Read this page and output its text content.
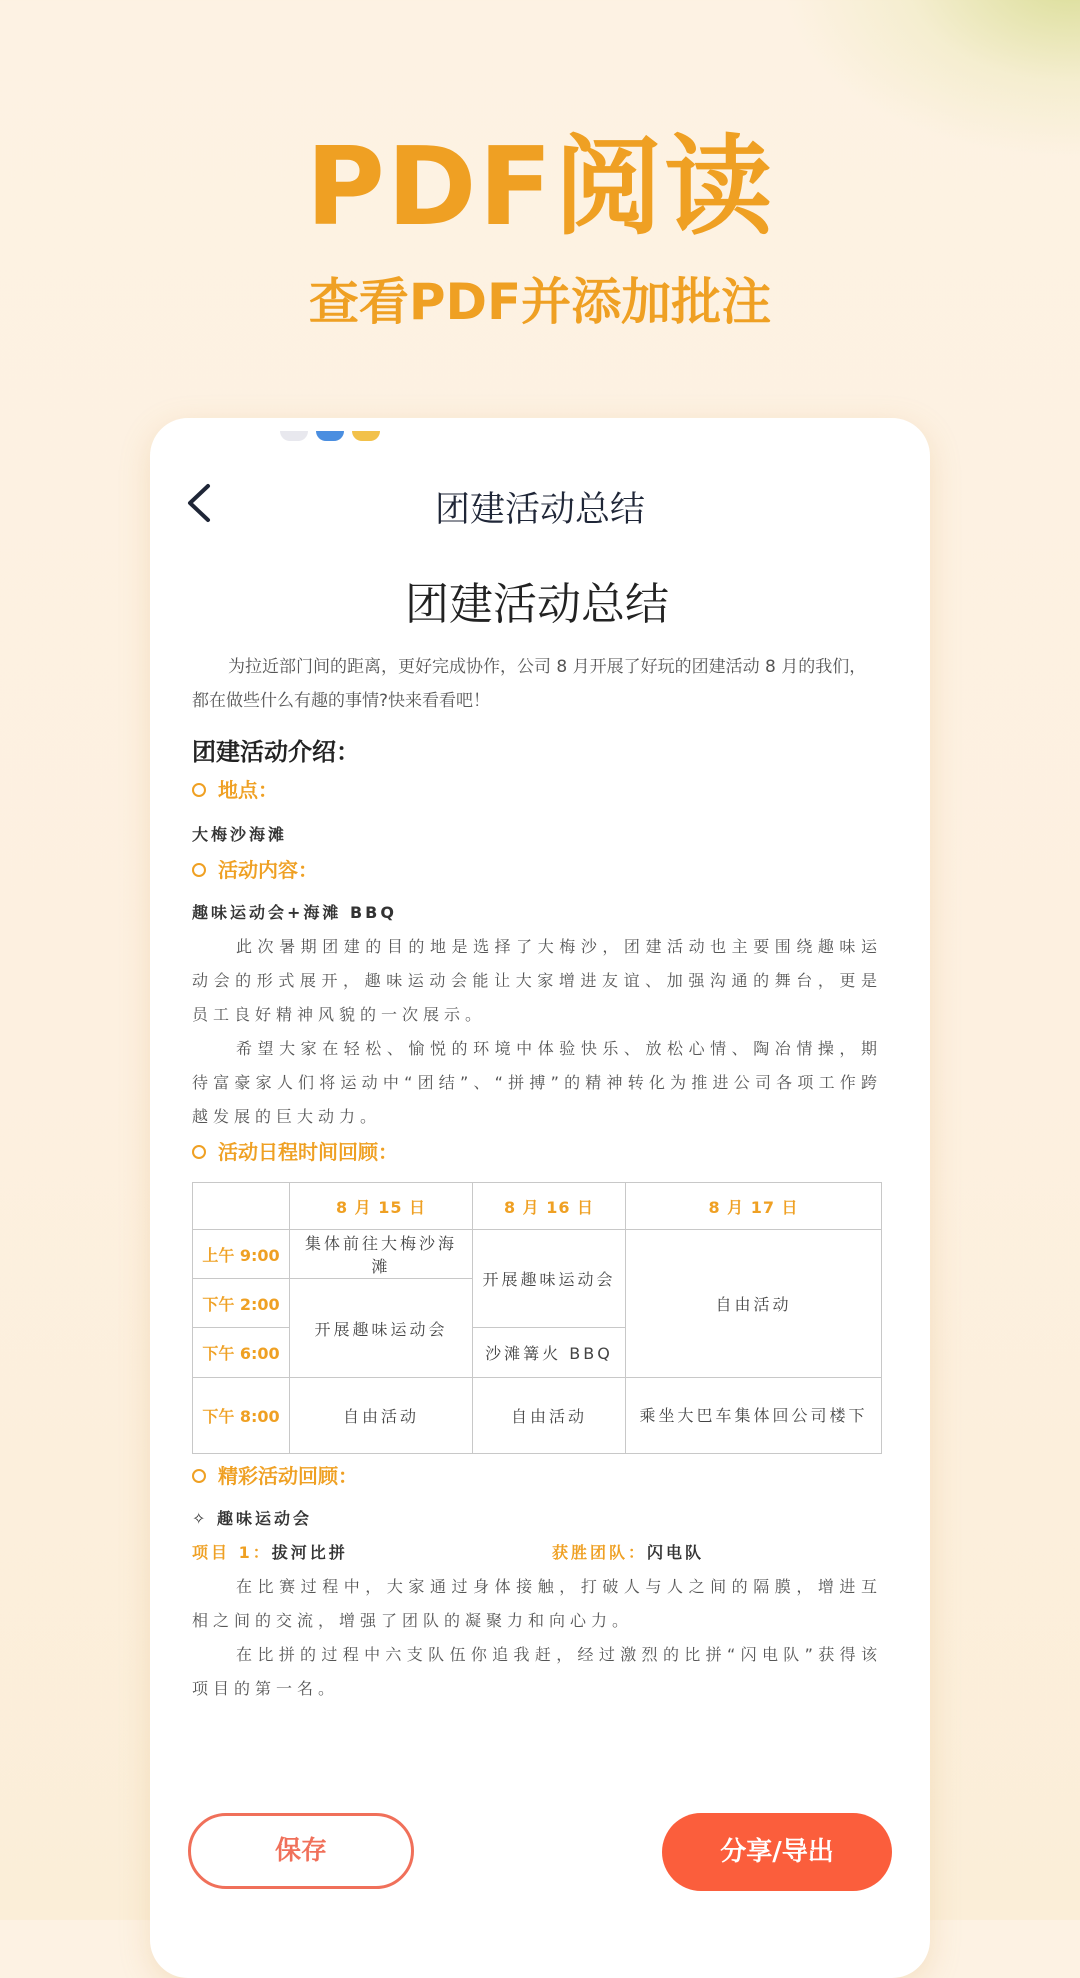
PDF阅读
查看PDF并添加批注
团建活动总结
团建活动总结
为拉近部门间的距离，更好完成协作，公司 8 月开展了好玩的团建活动 8 月的我们，都在做些什么有趣的事情?快来看看吧！
团建活动介绍：
地点：
大梅沙海滩
活动内容：
趣味运动会+海滩 BBQ
此次暑期团建的目的地是选择了大梅沙，团建活动也主要围绕趣味运动会的形式展开，趣味运动会能让大家增进友谊、加强沟通的舞台，更是员工良好精神风貌的一次展示。
希望大家在轻松、愉悦的环境中体验快乐、放松心情、陶冶情操，期待富豪家人们将运动中“团结”、“拼搏”的精神转化为推进公司各项工作跨越发展的巨大动力。
活动日程时间回顾：
	8 月 15 日	8 月 16 日	8 月 17 日
上午 9:00	集体前往大梅沙海滩	开展趣味运动会	自由活动
下午 2:00	开展趣味运动会		
下午 6:00		沙滩篝火 BBQ	
下午 8:00	自由活动	自由活动	乘坐大巴车集体回公司楼下
精彩活动回顾：
✧ 趣味运动会
项目 1：拔河比拼	获胜团队：闪电队
在比赛过程中，大家通过身体接触，打破人与人之间的隔膜，增进互相之间的交流，增强了团队的凝聚力和向心力。
在比拼的过程中六支队伍你追我赶，经过激烈的比拼“闪电队”获得该项目的第一名。
保存	分享/导出
